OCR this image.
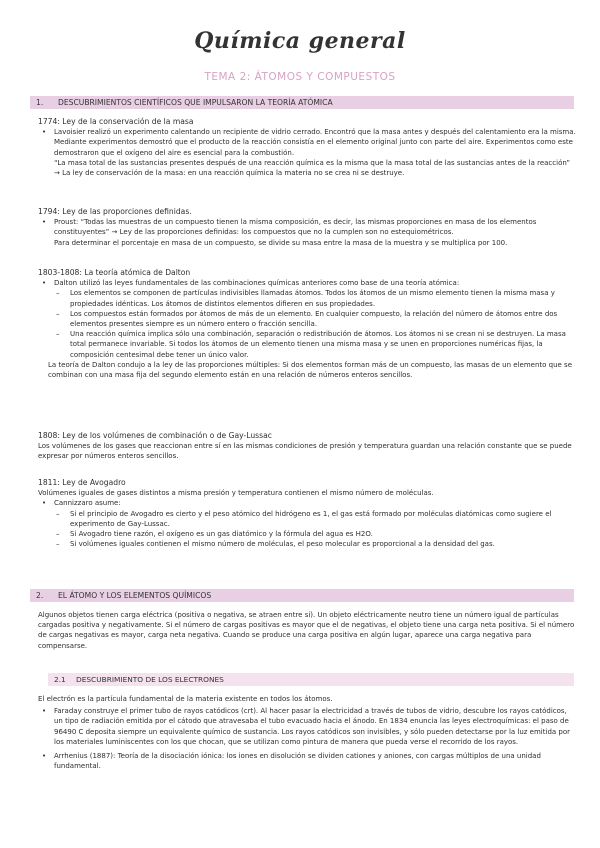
Química general
TEMA 2: ÁTOMOS Y COMPUESTOS
1. DESCUBRIMIENTOS CIENTÍFICOS QUE IMPULSARON LA TEORÍA ATÓMICA

1774: Ley de la conservación de la masa

• Lavoisier realizó un experimento calentando un recipiente de vidrio cerrado. Encontró que la masa antes y después del calentamiento era la misma. Mediante experimentos demostró que el producto de la reacción consistía en el elemento original junto con parte del aire. Experimentos como este demostraron que el oxígeno del aire es esencial para la combustión.

“La masa total de las sustancias presentes después de una reacción química es la misma que la masa total de las sustancias antes de la reacción” → La ley de conservación de la masa: en una reacción química la materia no se crea ni se destruye.

1794: Ley de las proporciones definidas.

• Proust: “Todas las muestras de un compuesto tienen la misma composición, es decir, las mismas proporciones en masa de los elementos constituyentes” → Ley de las proporciones definidas: los compuestos que no la cumplen son no estequiométricos.

Para determinar el porcentaje en masa de un compuesto, se divide su masa entre la masa de la muestra y se multiplica por 100.

1803-1808: La teoría atómica de Dalton

• Dalton utilizó las leyes fundamentales de las combinaciones químicas anteriores como base de una teoría atómica:
– Los elementos se componen de partículas indivisibles llamadas átomos. Todos los átomos de un mismo elemento tienen la misma masa y propiedades idénticas. Los átomos de distintos elementos difieren en sus propiedades.
– Los compuestos están formados por átomos de más de un elemento. En cualquier compuesto, la relación del número de átomos entre dos elementos presentes siempre es un número entero o fracción sencilla.
– Una reacción química implica sólo una combinación, separación o redistribución de átomos. Los átomos ni se crean ni se destruyen. La masa total permanece invariable. Si todos los átomos de un elemento tienen una misma masa y se unen en proporciones numéricas fijas, la composición centesimal debe tener un único valor.

La teoría de Dalton condujo a la ley de las proporciones múltiples: Si dos elementos forman más de un compuesto, las masas de un elemento que se combinan con una masa fija del segundo elemento están en una relación de números enteros sencillos.

1808: Ley de los volúmenes de combinación o de Gay-Lussac

Los volúmenes de los gases que reaccionan entre sí en las mismas condiciones de presión y temperatura guardan una relación constante que se puede expresar por números enteros sencillos.

1811: Ley de Avogadro

Volúmenes iguales de gases distintos a misma presión y temperatura contienen el mismo número de moléculas.

• Cannizzaro asume:
– Si el principio de Avogadro es cierto y el peso atómico del hidrógeno es 1, el gas está formado por moléculas diatómicas como sugiere el experimento de Gay-Lussac.
– Si Avogadro tiene razón, el oxígeno es un gas diatómico y la fórmula del agua es H2O.
– Si volúmenes iguales contienen el mismo número de moléculas, el peso molecular es proporcional a la densidad del gas.
2. EL ÁTOMO Y LOS ELEMENTOS QUÍMICOS

Algunos objetos tienen carga eléctrica (positiva o negativa, se atraen entre sí). Un objeto eléctricamente neutro tiene un número igual de partículas cargadas positiva y negativamente. Si el número de cargas positivas es mayor que el de negativas, el objeto tiene una carga neta positiva. Si el número de cargas negativas es mayor, carga neta negativa. Cuando se produce una carga positiva en algún lugar, aparece una carga negativa para compensarse.

2.1 DESCUBRIMIENTO DE LOS ELECTRONES

El electrón es la partícula fundamental de la materia existente en todos los átomos.

• Faraday construye el primer tubo de rayos catódicos (crt). Al hacer pasar la electricidad a través de tubos de vidrio, descubre los rayos catódicos, un tipo de radiación emitida por el cátodo que atravesaba el tubo evacuado hacia el ánodo. En 1834 enuncia las leyes electroquímicas: el paso de 96490 C deposita siempre un equivalente químico de sustancia. Los rayos catódicos son invisibles, y sólo pueden detectarse por la luz emitida por los materiales luminiscentes con los que chocan, que se utilizan como pintura de manera que pueda verse el recorrido de los rayos.
• Arrhenius (1887): Teoría de la disociación iónica: los iones en disolución se dividen cationes y aniones, con cargas múltiplos de una unidad fundamental.
